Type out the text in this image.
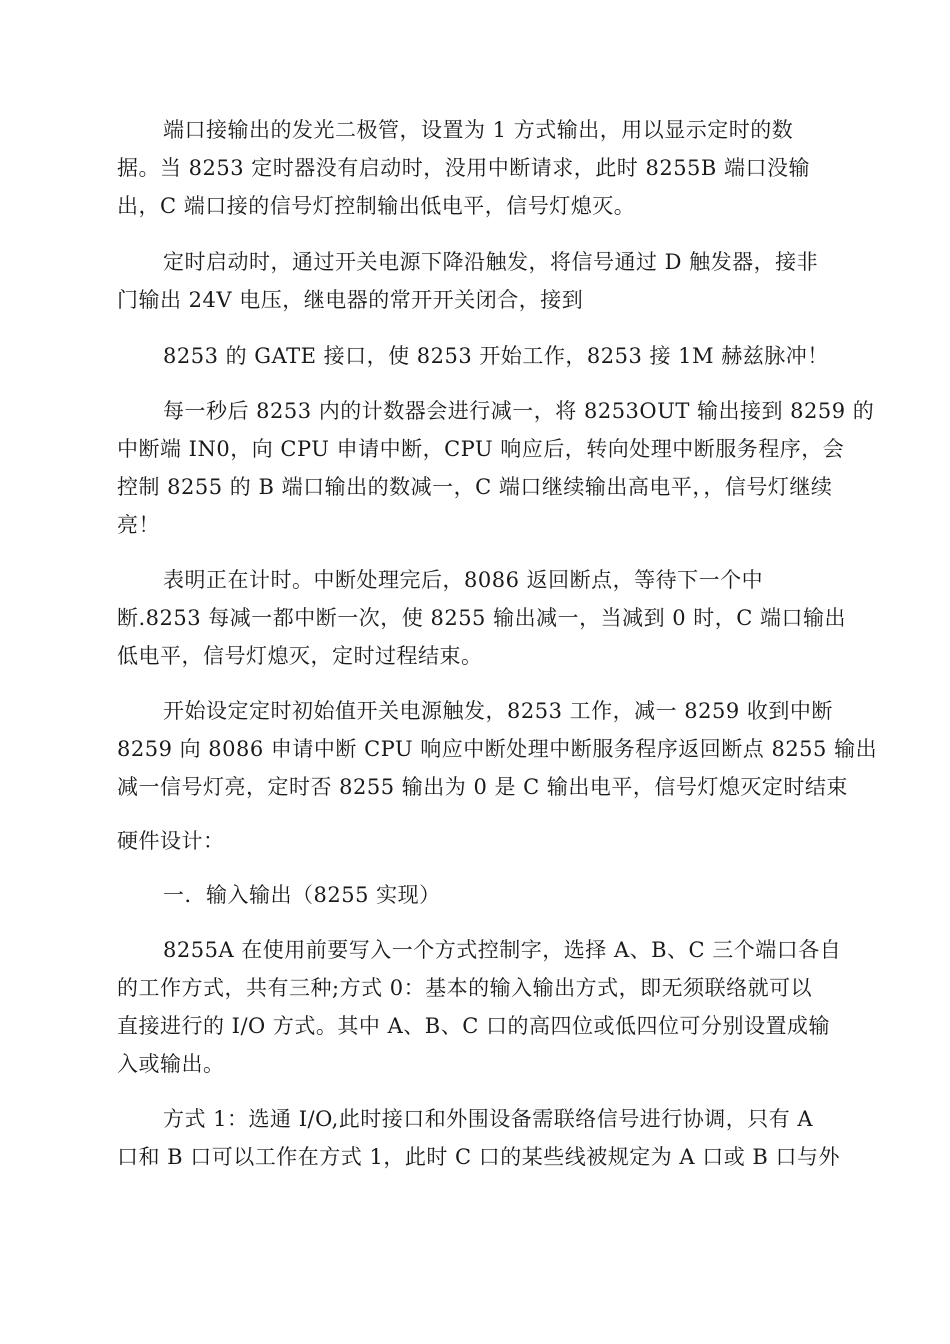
端口接输出的发光二极管，设置为 1 方式输出，用以显示定时的数
据。当 8253 定时器没有启动时，没用中断请求，此时 8255B 端口没输
出，C 端口接的信号灯控制输出低电平，信号灯熄灭。
定时启动时，通过开关电源下降沿触发，将信号通过 D 触发器，接非
门输出 24V 电压，继电器的常开开关闭合，接到
8253 的 GATE 接口，使 8253 开始工作，8253 接 1M 赫兹脉冲！
每一秒后 8253 内的计数器会进行减一，将 8253OUT 输出接到 8259 的
中断端 IN0，向 CPU 申请中断，CPU 响应后，转向处理中断服务程序，会
控制 8255 的 B 端口输出的数减一，C 端口继续输出高电平，，信号灯继续
亮！
表明正在计时。中断处理完后，8086 返回断点，等待下一个中
断.8253 每减一都中断一次，使 8255 输出减一，当减到 0 时，C 端口输出
低电平，信号灯熄灭，定时过程结束。
开始设定定时初始值开关电源触发，8253 工作，减一 8259 收到中断
8259 向 8086 申请中断 CPU 响应中断处理中断服务程序返回断点 8255 输出
减一信号灯亮，定时否 8255 输出为 0 是 C 输出电平，信号灯熄灭定时结束
硬件设计：
一．输入输出（8255 实现）
8255A 在使用前要写入一个方式控制字，选择 A、B、C 三个端口各自
的工作方式，共有三种;方式 0：基本的输入输出方式，即无须联络就可以
直接进行的 I/O 方式。其中 A、B、C 口的高四位或低四位可分别设置成输
入或输出。
方式 1：选通 I/O,此时接口和外围设备需联络信号进行协调，只有 A
口和 B 口可以工作在方式 1，此时 C 口的某些线被规定为 A 口或 B 口与外
